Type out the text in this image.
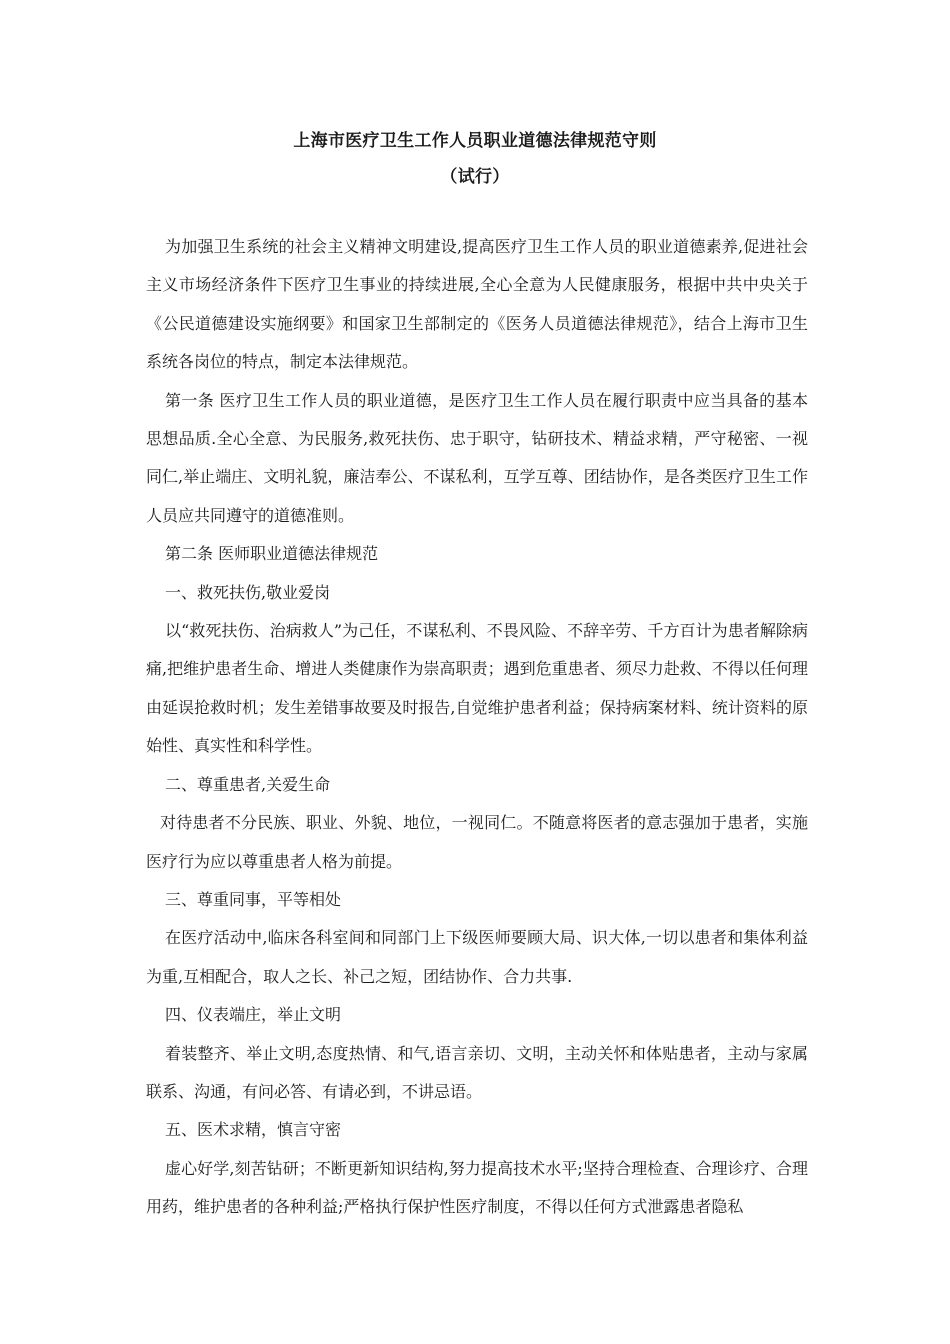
上海市医疗卫生工作人员职业道德法律规范守则
（试行）

为加强卫生系统的社会主义精神文明建设,提高医疗卫生工作人员的职业道德素养,促进社会主义市场经济条件下医疗卫生事业的持续进展,全心全意为人民健康服务，根据中共中央关于《公民道德建设实施纲要》和国家卫生部制定的《医务人员道德法律规范》，结合上海市卫生系统各岗位的特点，制定本法律规范。

第一条 医疗卫生工作人员的职业道德，是医疗卫生工作人员在履行职责中应当具备的基本思想品质.全心全意、为民服务,救死扶伤、忠于职守，钻研技术、精益求精，严守秘密、一视同仁,举止端庄、文明礼貌，廉洁奉公、不谋私利，互学互尊、团结协作，是各类医疗卫生工作人员应共同遵守的道德准则。

第二条 医师职业道德法律规范

一、救死扶伤,敬业爱岗

以“救死扶伤、治病救人”为己任，不谋私利、不畏风险、不辞辛劳、千方百计为患者解除病痛,把维护患者生命、增进人类健康作为崇高职责；遇到危重患者、须尽力赴救、不得以任何理由延误抢救时机；发生差错事故要及时报告,自觉维护患者利益；保持病案材料、统计资料的原始性、真实性和科学性。

二、尊重患者,关爱生命

对待患者不分民族、职业、外貌、地位，一视同仁。不随意将医者的意志强加于患者，实施医疗行为应以尊重患者人格为前提。

三、尊重同事，平等相处

在医疗活动中,临床各科室间和同部门上下级医师要顾大局、识大体,一切以患者和集体利益为重,互相配合，取人之长、补己之短，团结协作、合力共事.

四、仪表端庄，举止文明

着装整齐、举止文明,态度热情、和气,语言亲切、文明，主动关怀和体贴患者，主动与家属联系、沟通，有问必答、有请必到，不讲忌语。

五、医术求精，慎言守密

虚心好学,刻苦钻研；不断更新知识结构,努力提高技术水平;坚持合理检查、合理诊疗、合理用药，维护患者的各种利益;严格执行保护性医疗制度，不得以任何方式泄露患者隐私
